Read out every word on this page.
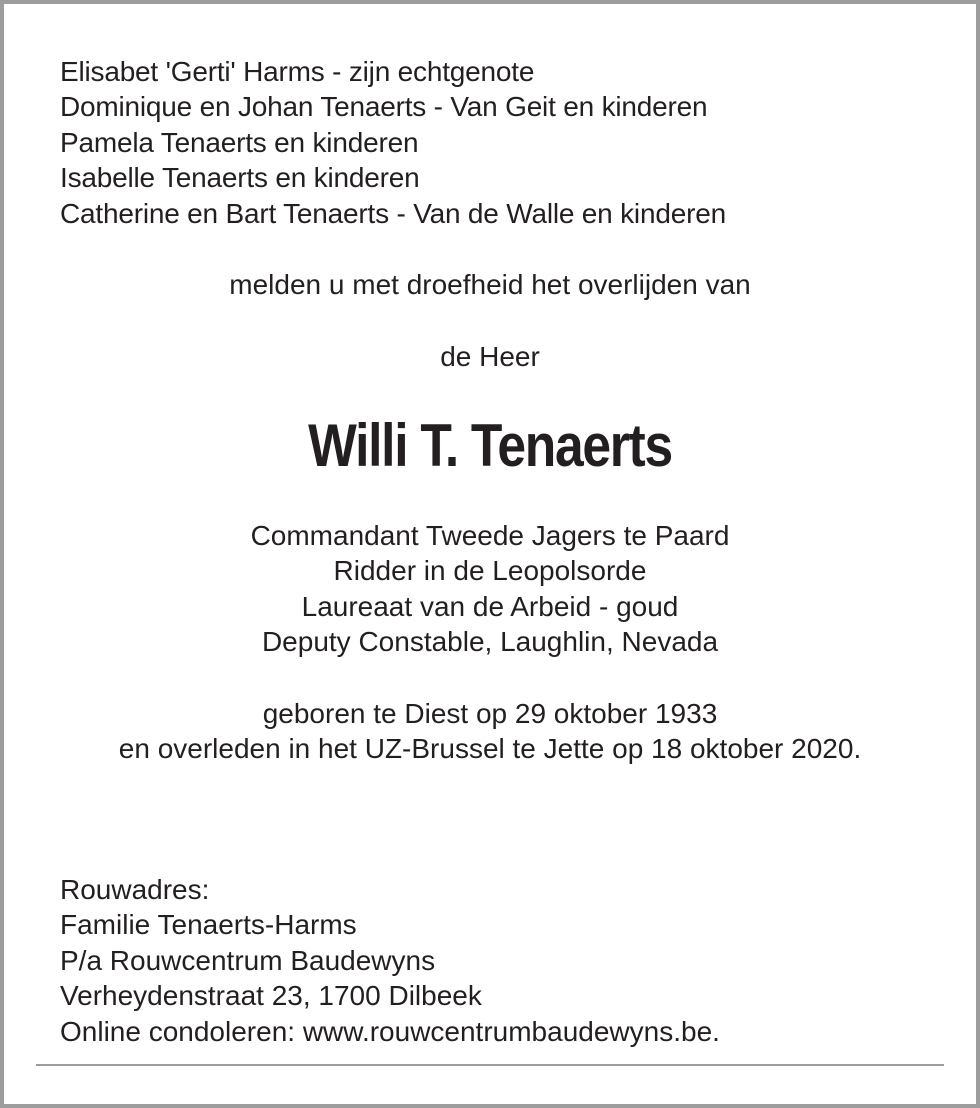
Elisabet 'Gerti' Harms - zijn echtgenote
Dominique en Johan Tenaerts - Van Geit en kinderen
Pamela Tenaerts en kinderen
Isabelle Tenaerts en kinderen
Catherine en Bart Tenaerts - Van de Walle en kinderen
melden u met droefheid het overlijden van
de Heer
Willi T. Tenaerts
Commandant Tweede Jagers te Paard
Ridder in de Leopolsorde
Laureaat van de Arbeid - goud
Deputy Constable, Laughlin, Nevada
geboren te Diest op 29 oktober 1933
en overleden in het UZ-Brussel te Jette op 18 oktober 2020.
Rouwadres:
Familie Tenaerts-Harms
P/a Rouwcentrum Baudewyns
Verheydenstraat 23, 1700 Dilbeek
Online condoleren: www.rouwcentrumbaudewyns.be.
